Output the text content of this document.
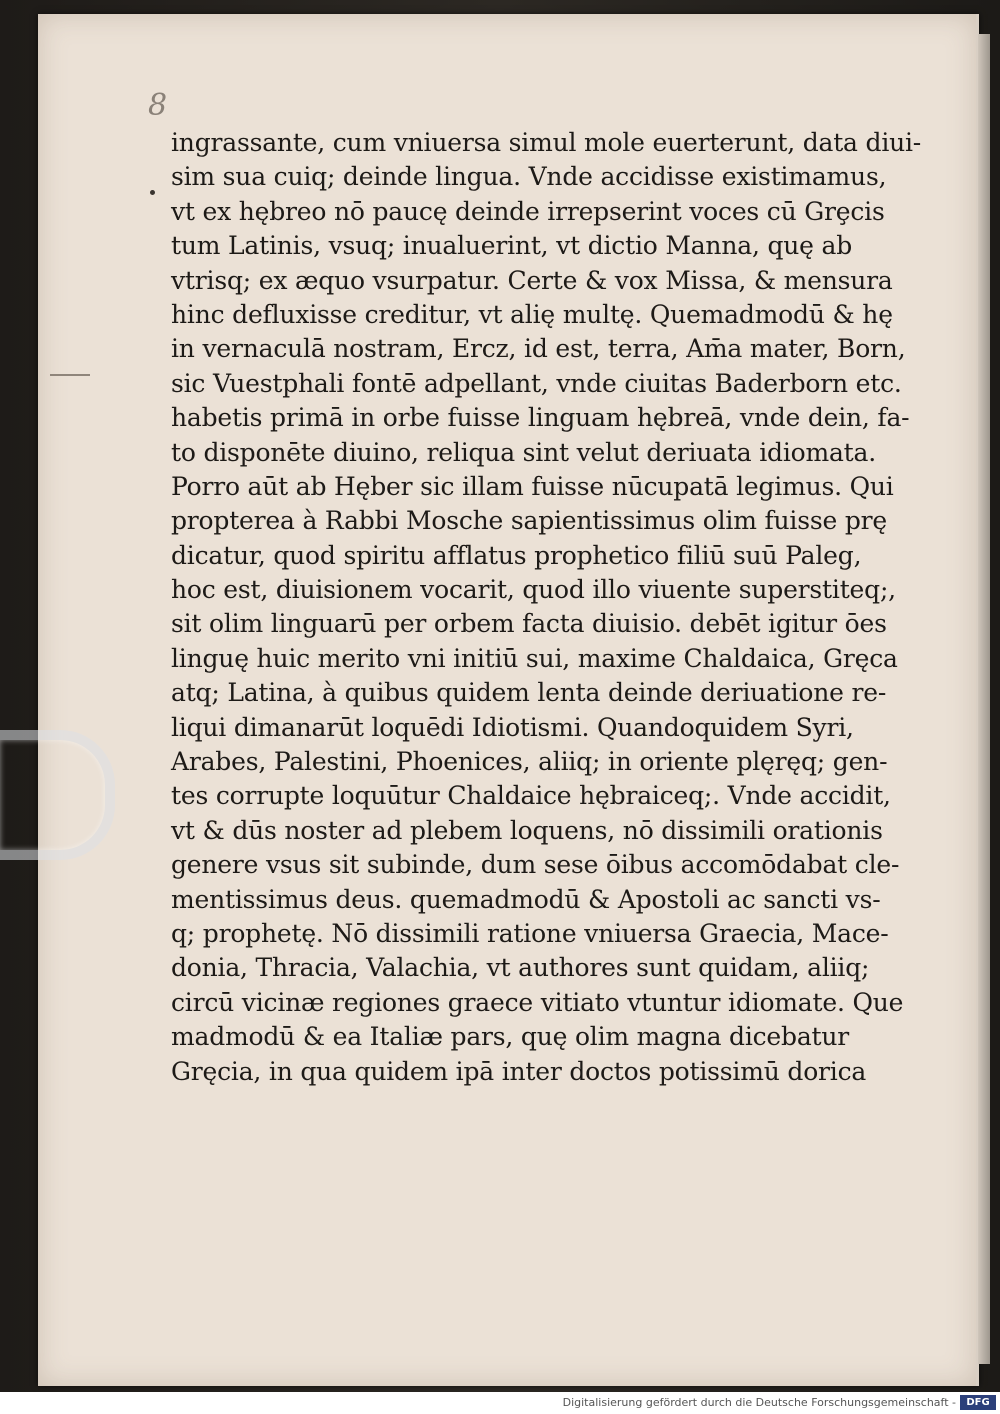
8
ingrassante, cum vniuersa simul mole euerterunt, data diui-
sim sua cuiq; deinde lingua. Vnde accidisse existimamus,
vt ex hębreo nō paucę deinde irrepserint voces cū Grȩcis
tum Latinis, vsuq; inualuerint, vt dictio Manna, quę ab
vtrisq; ex æquo vsurpatur. Certe & vox Missa, & mensura
hinc defluxisse creditur, vt alię multę. Quemadmodū & hę
in vernaculā nostram, Ercz, id est, terra, Am̄a mater, Born,
sic Vuestphali fontē adpellant, vnde ciuitas Baderborn etc.
habetis primā in orbe fuisse linguam hębreā, vnde dein, fa-
to disponēte diuino, reliqua sint velut deriuata idiomata.
Porro aūt ab Hęber sic illam fuisse nūcupatā legimus. Qui
propterea à Rabbi Mosche sapientissimus olim fuisse prę
dicatur, quod spiritu afflatus prophetico filiū suū Paleg,
hoc est, diuisionem vocarit, quod illo viuente superstiteq;,
sit olim linguarū per orbem facta diuisio. debēt igitur ōes
linguę huic merito vni initiū sui, maxime Chaldaica, Gręca
atq; Latina, à quibus quidem lenta deinde deriuatione re-
liqui dimanarūt loquēdi Idiotismi. Quandoquidem Syri,
Arabes, Palestini, Phoenices, aliiq; in oriente plęręq; gen-
tes corrupte loquūtur Chaldaice hębraiceq;. Vnde accidit,
vt & dūs noster ad plebem loquens, nō dissimili orationis
genere vsus sit subinde, dum sese ōibus accomōdabat cle-
mentissimus deus. quemadmodū & Apostoli ac sancti vs-
q; prophetę. Nō dissimili ratione vniuersa Graecia, Mace-
donia, Thracia, Valachia, vt authores sunt quidam, aliiq;
circū vicinæ regiones graece vitiato vtuntur idiomate. Que
madmodū & ea Italiæ pars, quę olim magna dicebatur
Gręcia, in qua quidem ipā inter doctos potissimū dorica
Digitalisierung gefördert durch die Deutsche Forschungsgemeinschaft -	DFG
